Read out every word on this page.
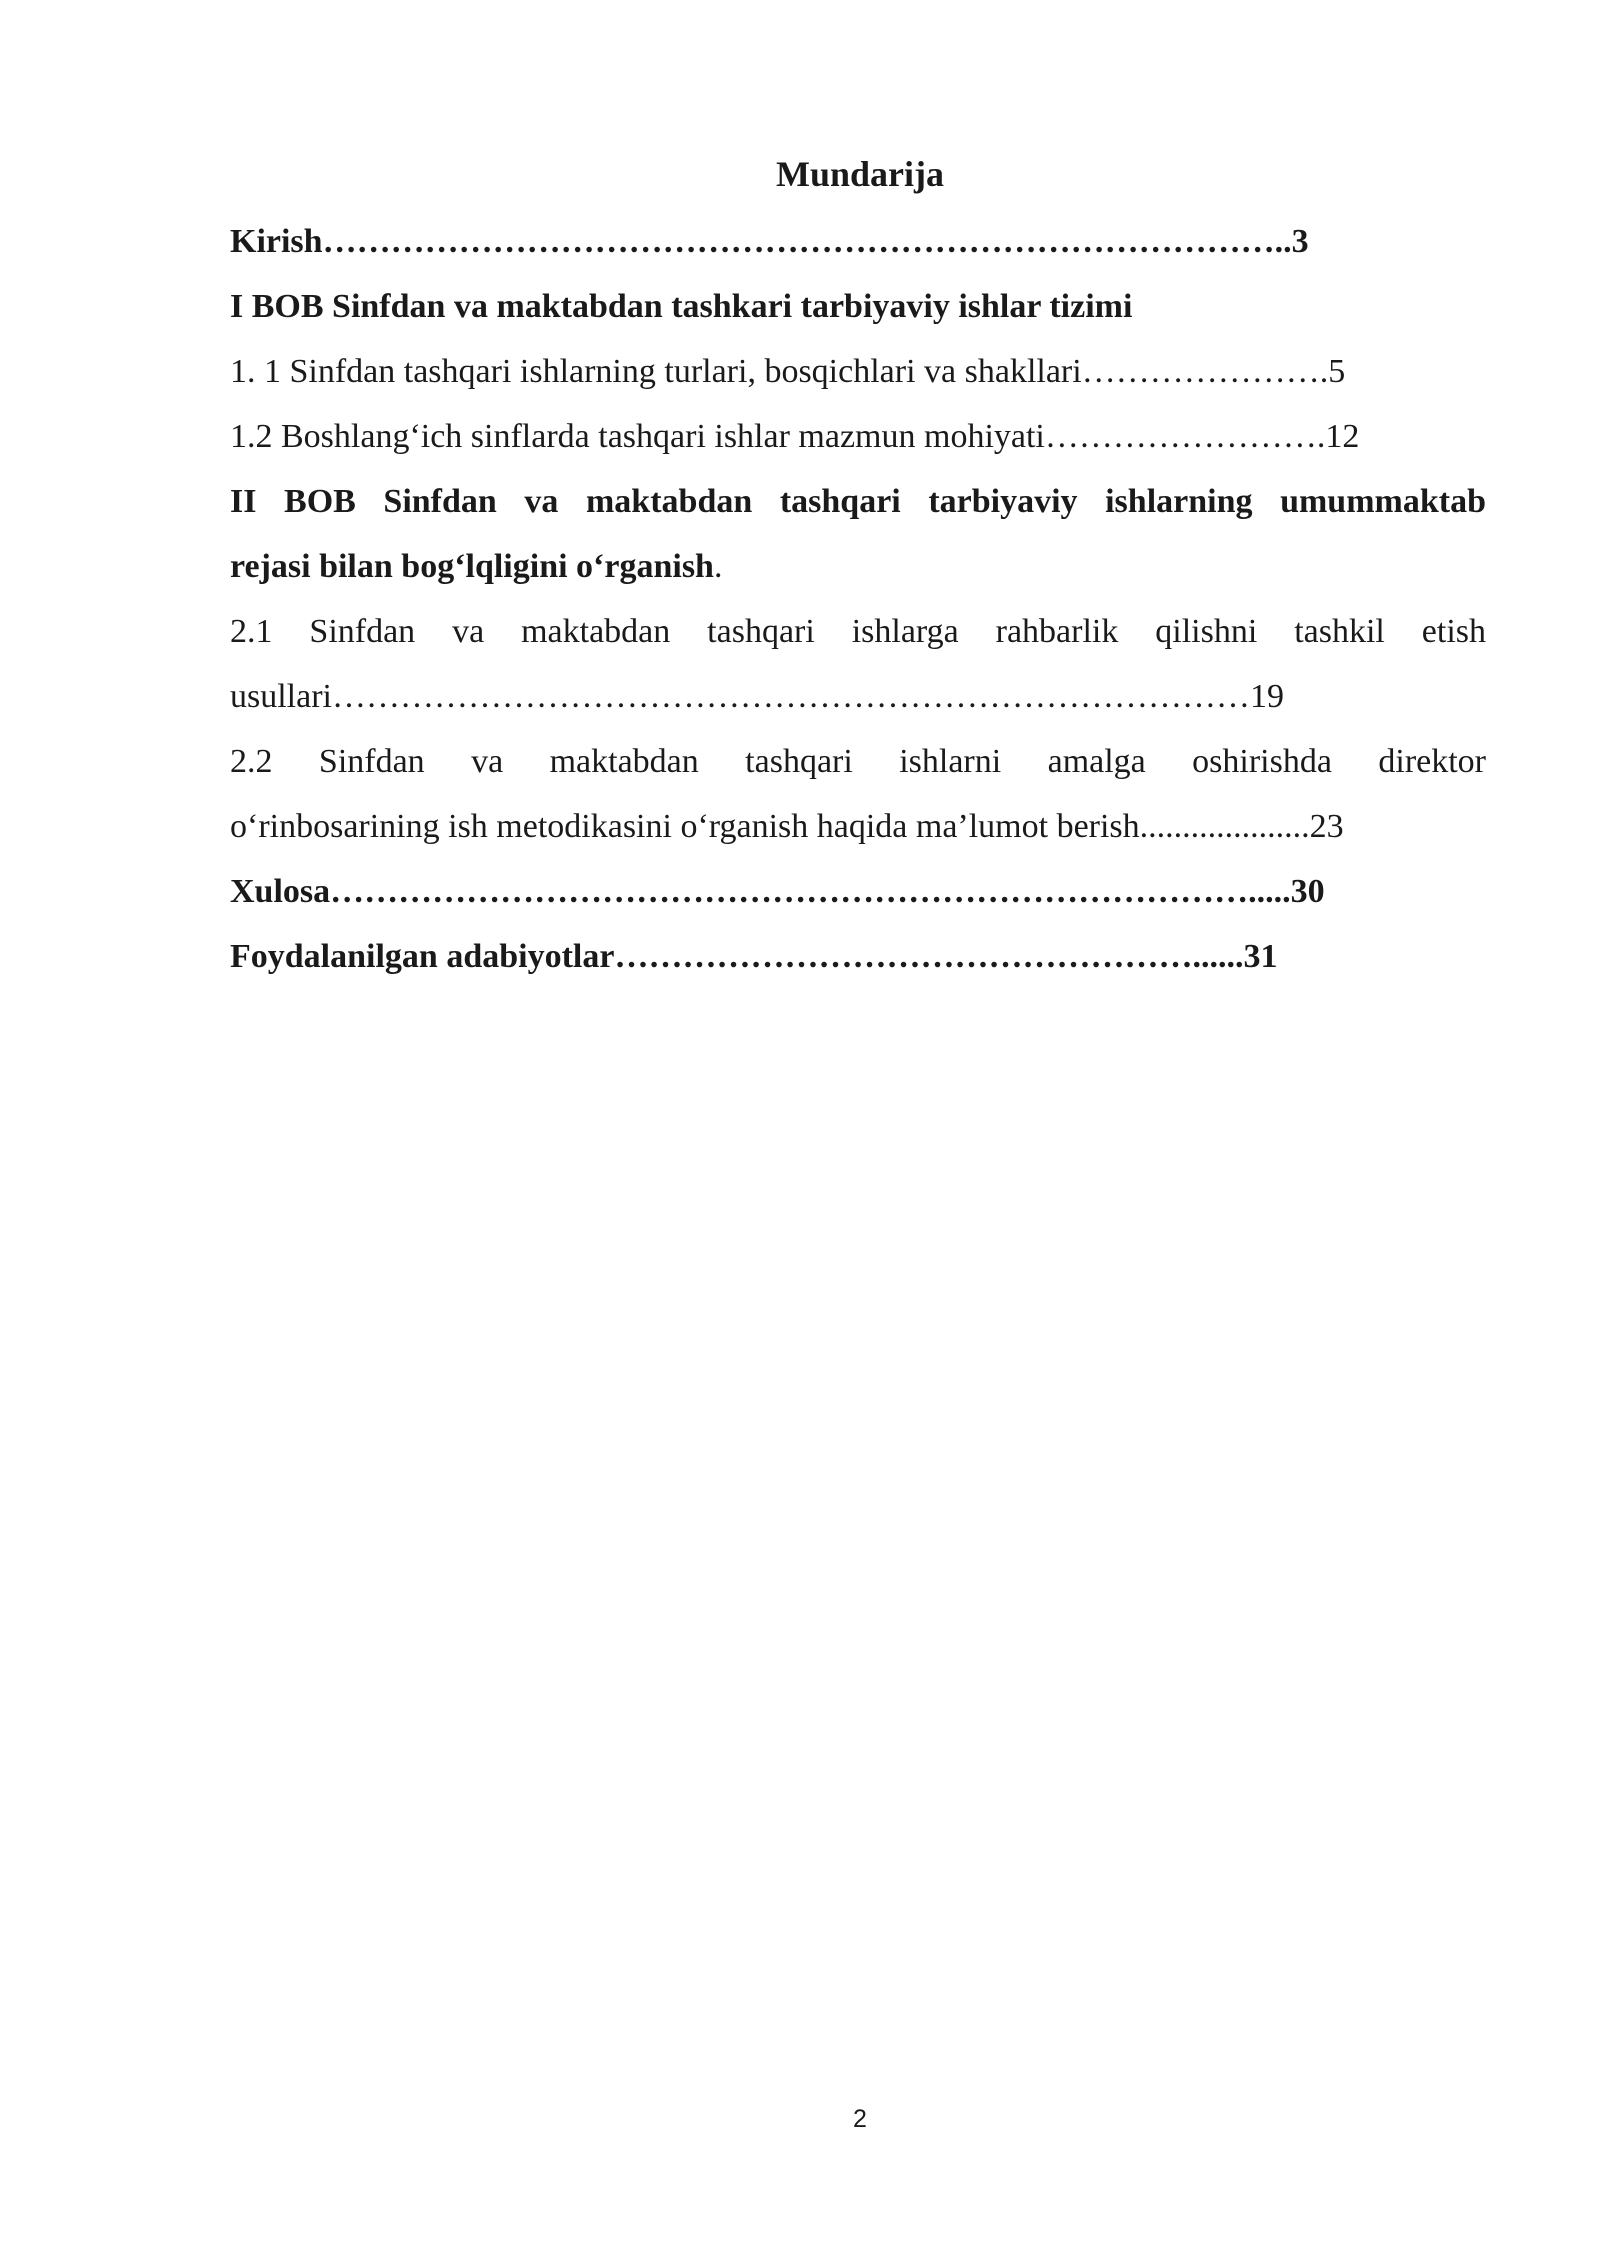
Mundarija
Kirish…………………………………………………………………………..3
I BOB Sinfdan va maktabdan tashkari tarbiyaviy ishlar tizimi
1. 1 Sinfdan tashqari ishlarning turlari, bosqichlari va shakllari………………….5
1.2 Boshlang‘ich sinflarda tashqari ishlar mazmun mohiyati…………………….12
II BOB Sinfdan va maktabdan tashqari tarbiyaviy ishlarning umummaktab
rejasi bilan bog‘lqligini o‘rganish.
2.1 Sinfdan va maktabdan tashqari ishlarga rahbarlik qilishni tashkil etish
usullari………………………………………………………………………19
2.2 Sinfdan va maktabdan tashqari ishlarni amalga oshirishda direktor
o‘rinbosarining ish metodikasini o‘rganish haqida ma’lumot berish....................23
Xulosa……………………………………………………………………….....30
Foydalanilgan adabiyotlar……………………………………………......31
2
